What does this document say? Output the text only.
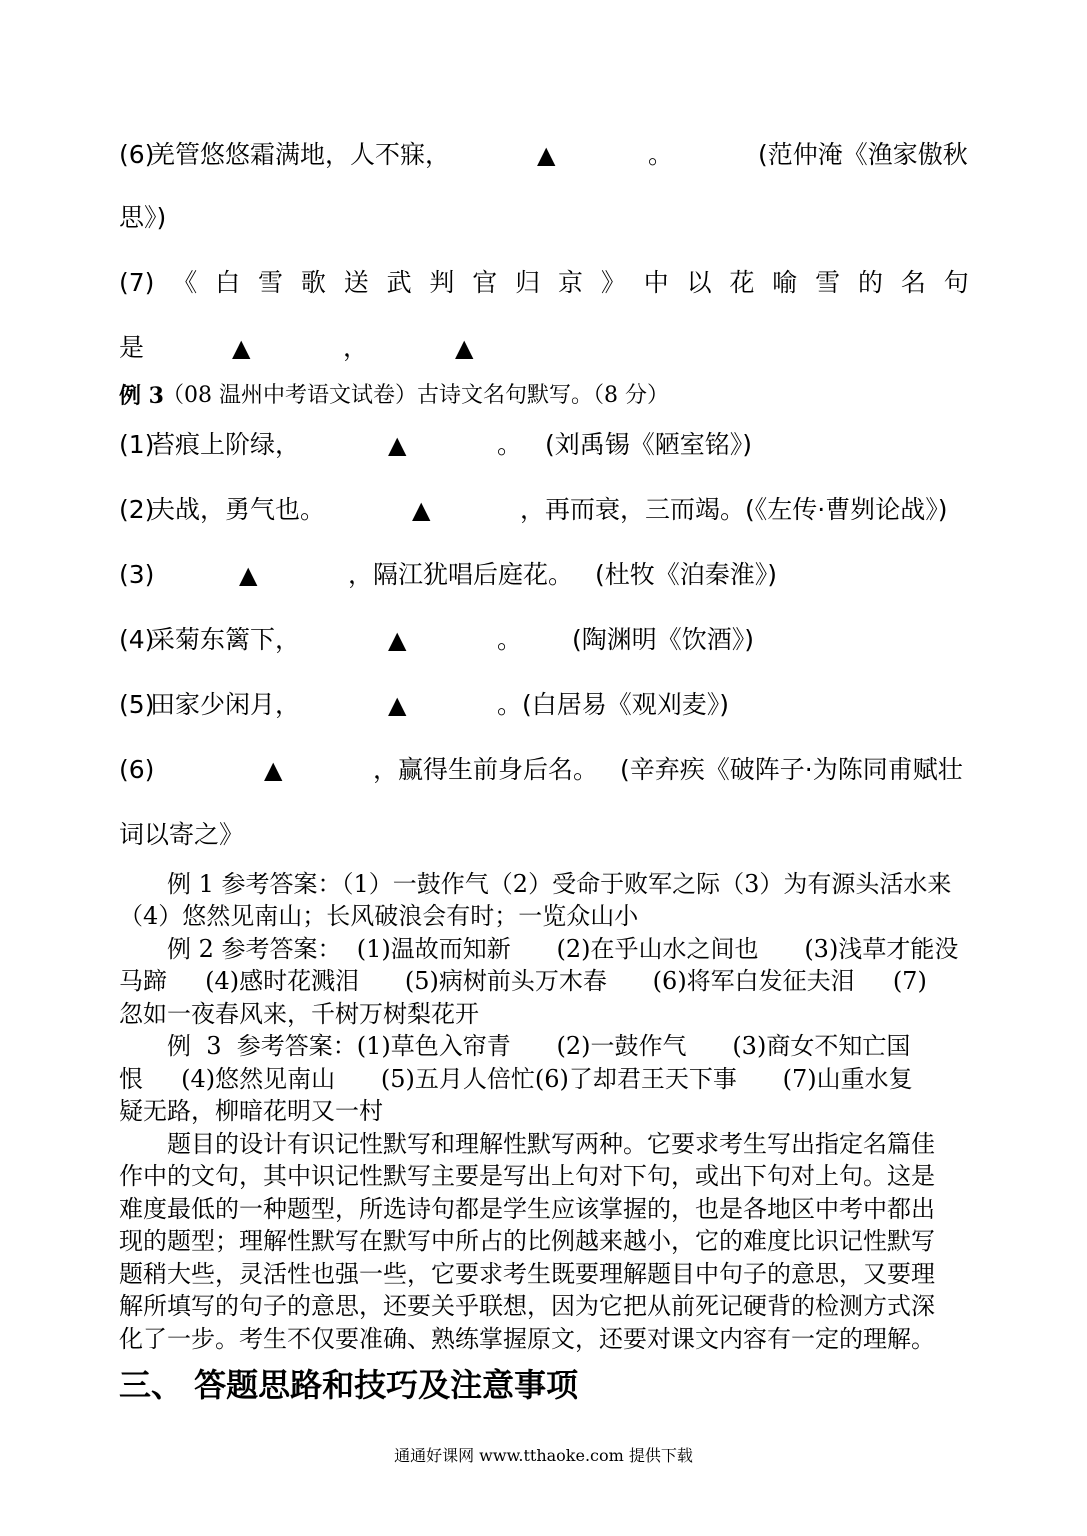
(6)
羌管悠悠霜满地，人不寐，	▲	。	(范仲淹《渔家傲秋
思》)
(7) 《 白 雪 歌 送 武 判 官 归 京 》 中 以 花 喻 雪 的 名 句
是	▲	，	▲
例 3
（08 温州中考语文试卷）古诗文名句默写。（8 分）
(1)
苔痕上阶绿，	▲	。 (刘禹锡《陋室铭》)
(2)
夫战，勇气也。	▲	，再而衰，三而竭。(《左传·曹刿论战》)
(3)	▲	，隔江犹唱后庭花。 (杜牧《泊秦淮》)
(4)
采菊东篱下，	▲	。 (陶渊明《饮酒》)
(5)
田家少闲月，	▲	。(白居易《观刈麦》)
(6)	▲	，赢得生前身后名。 (辛弃疾《破阵子·为陈同甫赋壮
词以寄之》
例 1 参考答案：（1）一鼓作气（2）受命于败军之际（3）为有源头活水来
（4）悠然见南山；长风破浪会有时；一览众山小
例 2 参考答案：  (1)温故而知新      (2)在乎山水之间也      (3)浅草才能没
马蹄     (4)感时花溅泪      (5)病树前头万木春      (6)将军白发征夫泪     (7)
忽如一夜春风来，千树万树梨花开
例  3  参考答案：(1)草色入帘青      (2)一鼓作气      (3)商女不知亡国
恨     (4)悠然见南山      (5)五月人倍忙(6)了却君王天下事      (7)山重水复
疑无路，柳暗花明又一村
题目的设计有识记性默写和理解性默写两种。它要求考生写出指定名篇佳
作中的文句，其中识记性默写主要是写出上句对下句，或出下句对上句。这是
难度最低的一种题型，所选诗句都是学生应该掌握的，也是各地区中考中都出
现的题型；理解性默写在默写中所占的比例越来越小，它的难度比识记性默写
题稍大些，灵活性也强一些，它要求考生既要理解题目中句子的意思，又要理
解所填写的句子的意思，还要关乎联想，因为它把从前死记硬背的检测方式深
化了一步。考生不仅要准确、熟练掌握原文，还要对课文内容有一定的理解。
三、 答题思路和技巧及注意事项
通通好课网 www.tthaoke.com 提供下载
